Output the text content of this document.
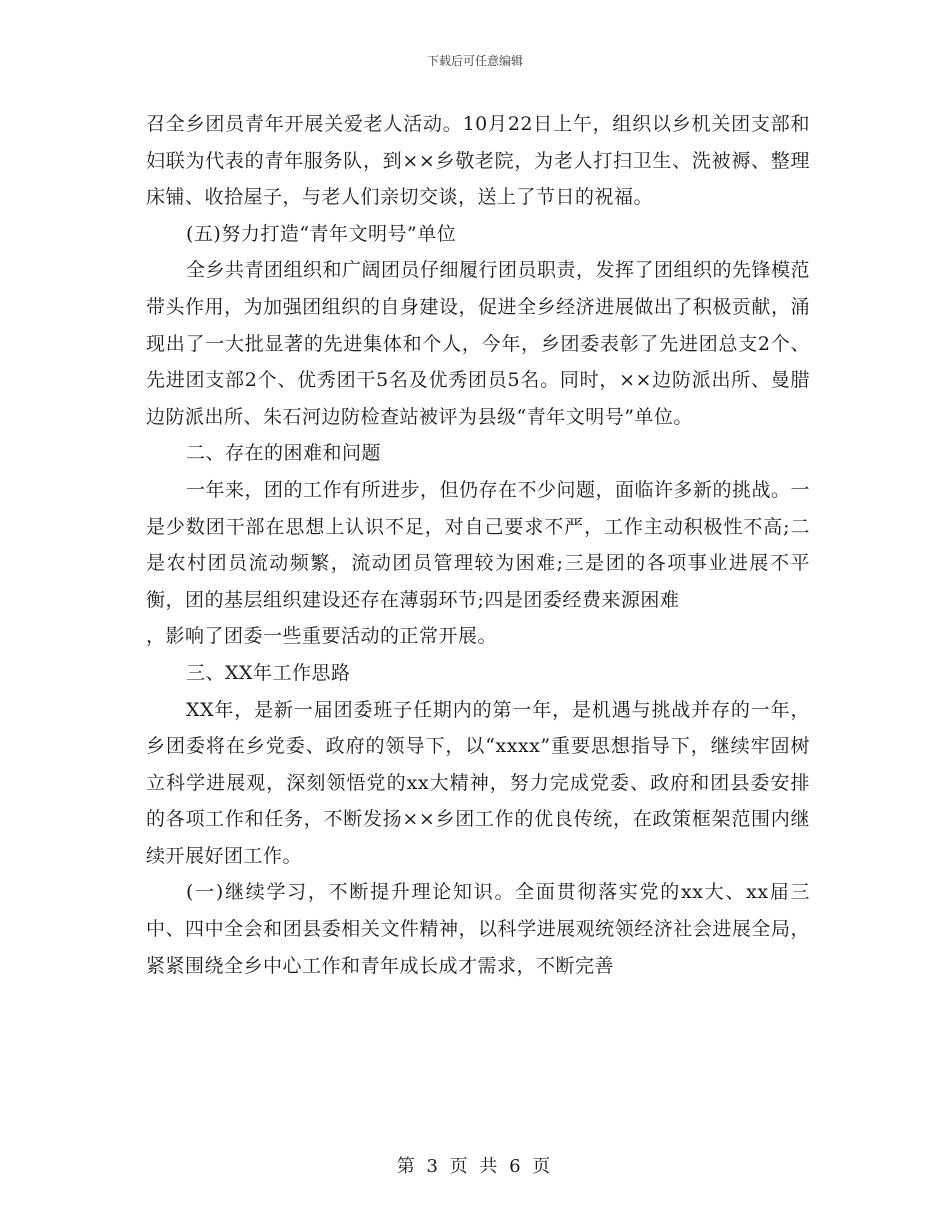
下载后可任意编辑

召全乡团员青年开展关爱老人活动。10月22日上午，组织以乡机关团支部和妇联为代表的青年服务队，到××乡敬老院，为老人打扫卫生、洗被褥、整理床铺、收拾屋子，与老人们亲切交谈，送上了节日的祝福。

(五)努力打造“青年文明号”单位

全乡共青团组织和广阔团员仔细履行团员职责，发挥了团组织的先锋模范带头作用，为加强团组织的自身建设，促进全乡经济进展做出了积极贡献，涌现出了一大批显著的先进集体和个人，今年，乡团委表彰了先进团总支2个、先进团支部2个、优秀团干5名及优秀团员5名。同时，××边防派出所、曼腊边防派出所、朱石河边防检查站被评为县级“青年文明号”单位。

二、存在的困难和问题

一年来，团的工作有所进步，但仍存在不少问题，面临许多新的挑战。一是少数团干部在思想上认识不足，对自己要求不严，工作主动积极性不高;二是农村团员流动频繁，流动团员管理较为困难;三是团的各项事业进展不平衡，团的基层组织建设还存在薄弱环节;四是团委经费来源困难

，影响了团委一些重要活动的正常开展。

三、XX年工作思路

XX年，是新一届团委班子任期内的第一年，是机遇与挑战并存的一年，乡团委将在乡党委、政府的领导下，以“xxxx”重要思想指导下，继续牢固树立科学进展观，深刻领悟党的xx大精神，努力完成党委、政府和团县委安排的各项工作和任务，不断发扬××乡团工作的优良传统，在政策框架范围内继续开展好团工作。

(一)继续学习，不断提升理论知识。全面贯彻落实党的xx大、xx届三中、四中全会和团县委相关文件精神，以科学进展观统领经济社会进展全局，紧紧围绕全乡中心工作和青年成长成才需求，不断完善

第 3 页 共 6 页
